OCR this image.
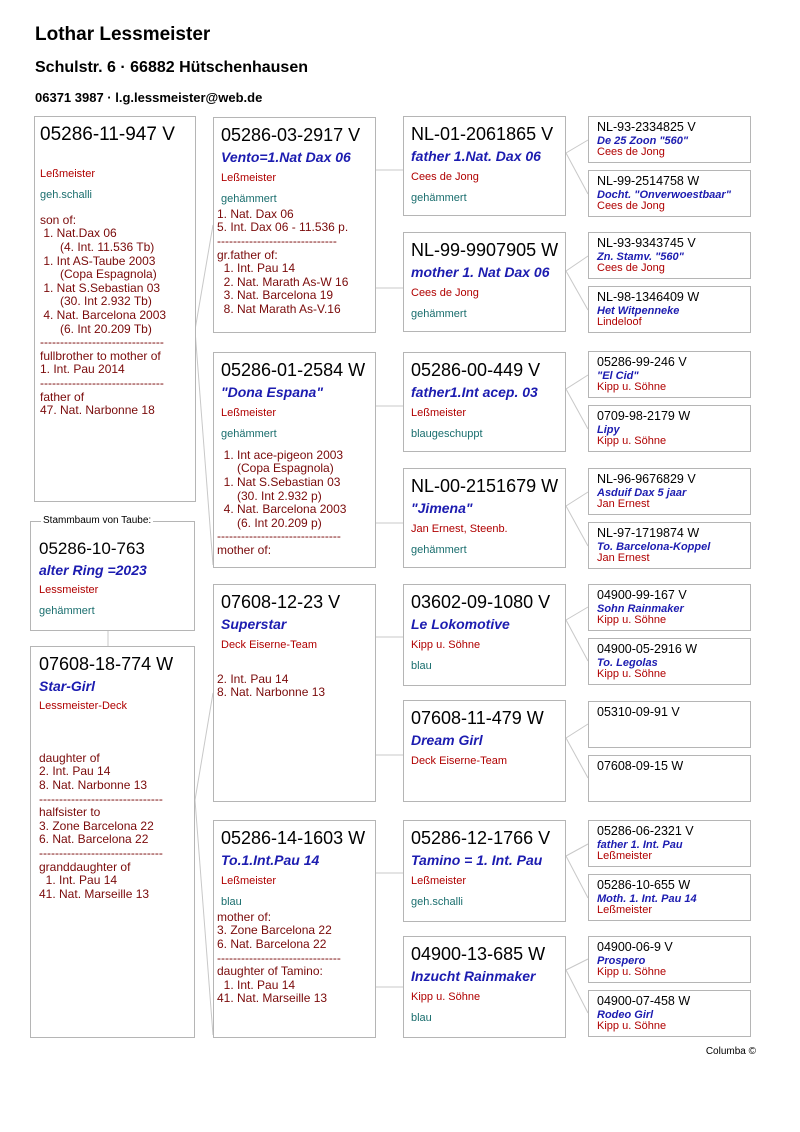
Lothar Lessmeister
Schulstr. 6 · 66882 Hütschenhausen
06371 3987 · l.g.lessmeister@web.de
05286-11-947 V
Leßmeister
geh.schalli
son of:
1. Nat.Dax 06
(4. Int. 11.536 Tb)
1. Int AS-Taube 2003
(Copa Espagnola)
1. Nat S.Sebastian 03
(30. Int 2.932 Tb)
4. Nat. Barcelona 2003
(6. Int 20.209 Tb)
-------------------------------
fullbrother to mother of
1. Int. Pau 2014
-------------------------------
father of
47. Nat. Narbonne 18
05286-10-763
alter Ring =2023
Lessmeister
gehämmert
Stammbaum von Taube:
07608-18-774 W
Star-Girl
Lessmeister-Deck
daughter of
2. Int. Pau 14
8. Nat. Narbonne 13
-------------------------------
halfsister to
3. Zone Barcelona 22
6. Nat. Barcelona 22
-------------------------------
granddaughter of
1. Int. Pau 14
41. Nat. Marseille 13
05286-03-2917 V
Vento=1.Nat Dax 06
Leßmeister
gehämmert
1. Nat. Dax 06
5. Int. Dax 06 - 11.536 p.
------------------------------
gr.father of:
1. Int. Pau 14
2. Nat. Marath As-W 16
3. Nat. Barcelona 19
8. Nat Marath As-V.16
05286-01-2584 W
"Dona Espana"
Leßmeister
gehämmert
1. Int ace-pigeon 2003
(Copa Espagnola)
1. Nat S.Sebastian 03
(30. Int 2.932 p)
4. Nat. Barcelona 2003
(6. Int 20.209 p)
-------------------------------
mother of:
07608-12-23 V
Superstar
Deck Eiserne-Team
2. Int. Pau 14
8. Nat. Narbonne 13
05286-14-1603 W
To.1.Int.Pau 14
Leßmeister
blau
mother of:
3. Zone Barcelona 22
6. Nat. Barcelona 22
-------------------------------
daughter of Tamino:
1. Int. Pau 14
41. Nat. Marseille 13
NL-01-2061865 V
father 1.Nat. Dax 06
Cees de Jong
gehämmert
NL-99-9907905 W
mother 1. Nat Dax 06
Cees de Jong
gehämmert
05286-00-449 V
father1.Int acep. 03
Leßmeister
blaugeschuppt
NL-00-2151679 W
"Jimena"
Jan Ernest, Steenb.
gehämmert
03602-09-1080 V
Le Lokomotive
Kipp u. Söhne
blau
07608-11-479 W
Dream Girl
Deck Eiserne-Team
05286-12-1766 V
Tamino = 1. Int. Pau
Leßmeister
geh.schalli
04900-13-685 W
Inzucht Rainmaker
Kipp u. Söhne
blau
NL-93-2334825 V
De 25 Zoon "560"
Cees de Jong
NL-99-2514758 W
Docht. "Onverwoestbaar"
Cees de Jong
NL-93-9343745 V
Zn. Stamv. "560"
Cees de Jong
NL-98-1346409 W
Het Witpenneke
Lindeloof
05286-99-246 V
"El Cid"
Kipp u. Söhne
0709-98-2179 W
Lipy
Kipp u. Söhne
NL-96-9676829 V
Asduif Dax 5 jaar
Jan Ernest
NL-97-1719874 W
To. Barcelona-Koppel
Jan Ernest
04900-99-167 V
Sohn Rainmaker
Kipp u. Söhne
04900-05-2916 W
To. Legolas
Kipp u. Söhne
05310-09-91 V
07608-09-15 W
05286-06-2321 V
father 1. Int. Pau
Leßmeister
05286-10-655 W
Moth. 1. Int. Pau 14
Leßmeister
04900-06-9 V
Prospero
Kipp u. Söhne
04900-07-458 W
Rodeo Girl
Kipp u. Söhne
Columba ©
